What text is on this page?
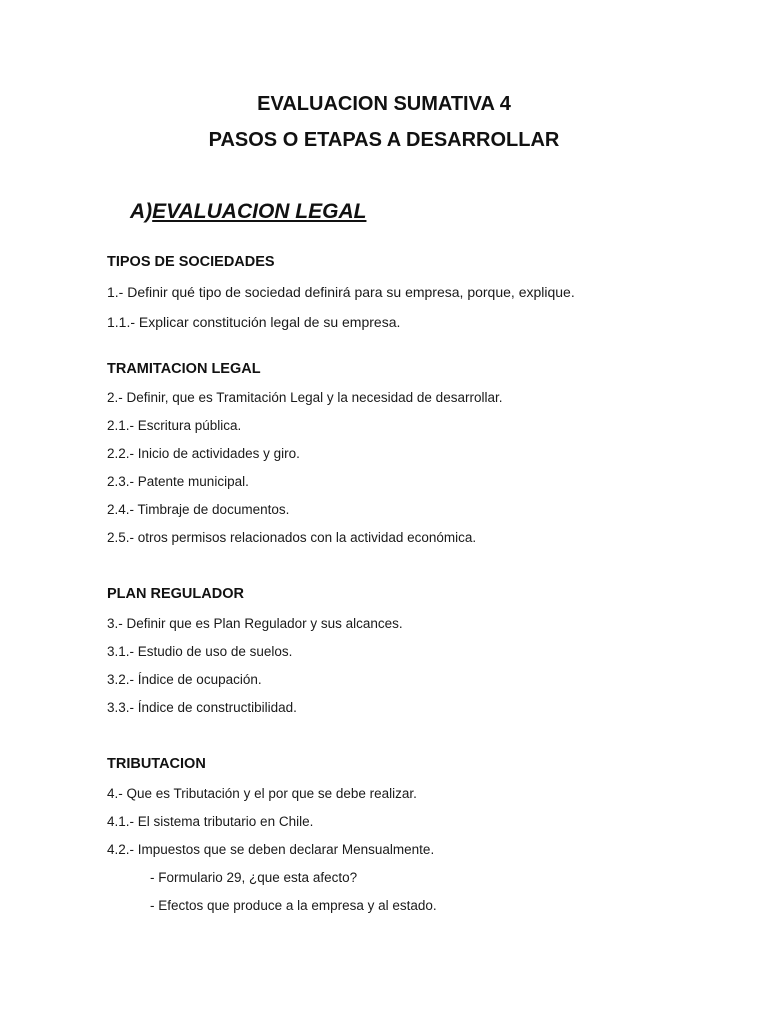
EVALUACION SUMATIVA 4
PASOS O ETAPAS A DESARROLLAR
A)EVALUACION LEGAL
TIPOS DE SOCIEDADES
1.- Definir qué tipo de sociedad definirá para su empresa, porque, explique.
1.1.- Explicar constitución legal de su empresa.
TRAMITACION LEGAL
2.- Definir, que es Tramitación Legal y la necesidad de desarrollar.
2.1.- Escritura pública.
2.2.- Inicio de actividades y giro.
2.3.- Patente municipal.
2.4.- Timbraje de documentos.
2.5.- otros permisos relacionados con la actividad económica.
PLAN REGULADOR
3.- Definir que es Plan Regulador y sus alcances.
3.1.- Estudio de uso de suelos.
3.2.- Índice de ocupación.
3.3.- Índice de constructibilidad.
TRIBUTACION
4.- Que es Tributación y el por que se debe realizar.
4.1.- El sistema tributario en Chile.
4.2.- Impuestos que se deben declarar Mensualmente.
- Formulario 29, ¿que esta afecto?
- Efectos que produce a la empresa y al estado.
